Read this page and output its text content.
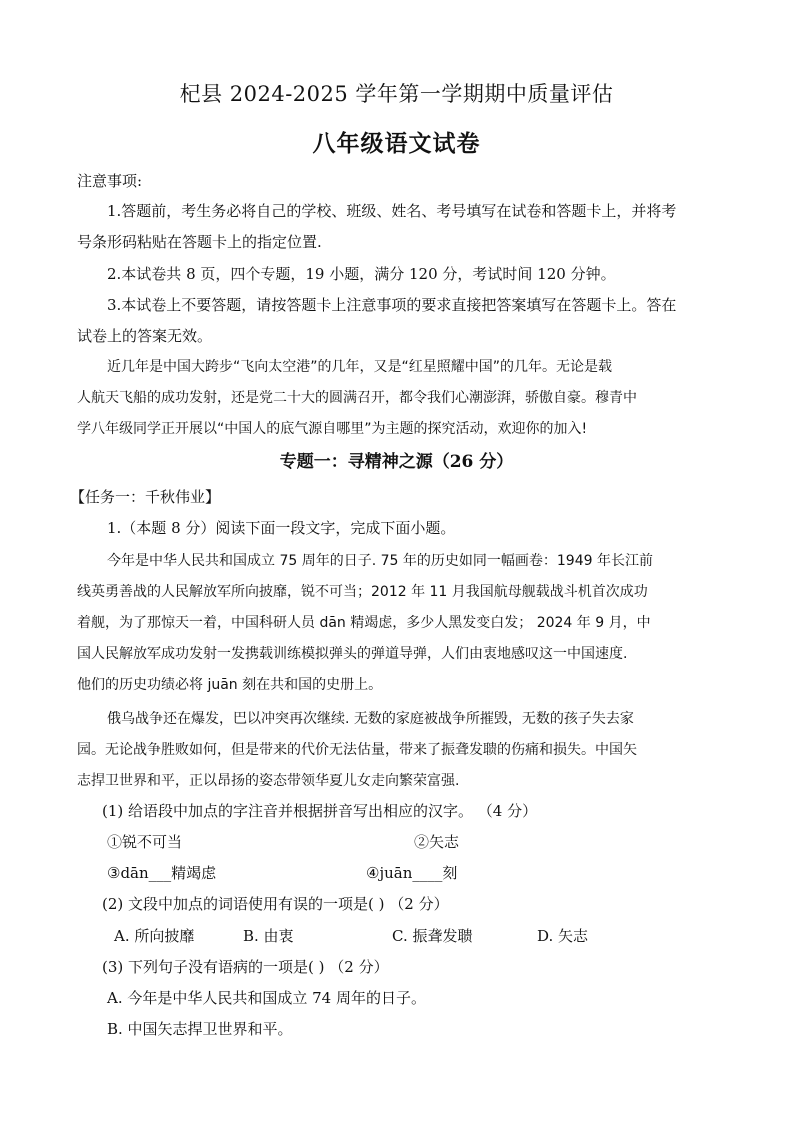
杞县 2024-2025 学年第一学期期中质量评估
八年级语文试卷
注意事项:
1.答题前，考生务必将自己的学校、班级、姓名、考号填写在试卷和答题卡上，并将考
号条形码粘贴在答题卡上的指定位置.
2.本试卷共 8 页，四个专题，19 小题，满分 120 分，考试时间 120 分钟。
3.本试卷上不要答题，请按答题卡上注意事项的要求直接把答案填写在答题卡上。答在
试卷上的答案无效。
近几年是中国大跨步“飞向太空港”的几年，又是“红星照耀中国”的几年。无论是载
人航天飞船的成功发射，还是党二十大的圆满召开，都令我们心潮澎湃，骄傲自豪。穆青中
学八年级同学正开展以“中国人的底气源自哪里”为主题的探究活动，欢迎你的加入!
专题一：寻精神之源（26 分）
【任务一：千秋伟业】
1.（本题 8 分）阅读下面一段文字，完成下面小题。
今年是中华人民共和国成立 75 周年的日子. 75 年的历史如同一幅画卷：1949 年长江前
线英勇善战的人民解放军所向披靡，锐不可当；2012 年 11 月我国航母舰载战斗机首次成功
着舰，为了那惊天一着，中国科研人员 dān 精竭虑，多少人黑发变白发； 2024 年 9 月，中
国人民解放军成功发射一发携载训练模拟弹头的弹道导弹，人们由衷地感叹这一中国速度.
他们的历史功绩必将 juān 刻在共和国的史册上。
俄乌战争还在爆发，巴以冲突再次继续. 无数的家庭被战争所摧毁，无数的孩子失去家
园。无论战争胜败如何，但是带来的代价无法估量，带来了振聋发聩的伤痛和损失。中国矢
志捍卫世界和平，正以昂扬的姿态带领华夏儿女走向繁荣富强.
(1) 给语段中加点的字注音并根据拼音写出相应的汉字。 （4 分）
①锐不可当	②矢志
③dān___精竭虑	④juān____刻
(2) 文段中加点的词语使用有误的一项是( ) （2 分）
A. 所向披靡	B. 由衷	C. 振聋发聩	D. 矢志
(3) 下列句子没有语病的一项是( ) （2 分）
A. 今年是中华人民共和国成立 74 周年的日子。
B. 中国矢志捍卫世界和平。
